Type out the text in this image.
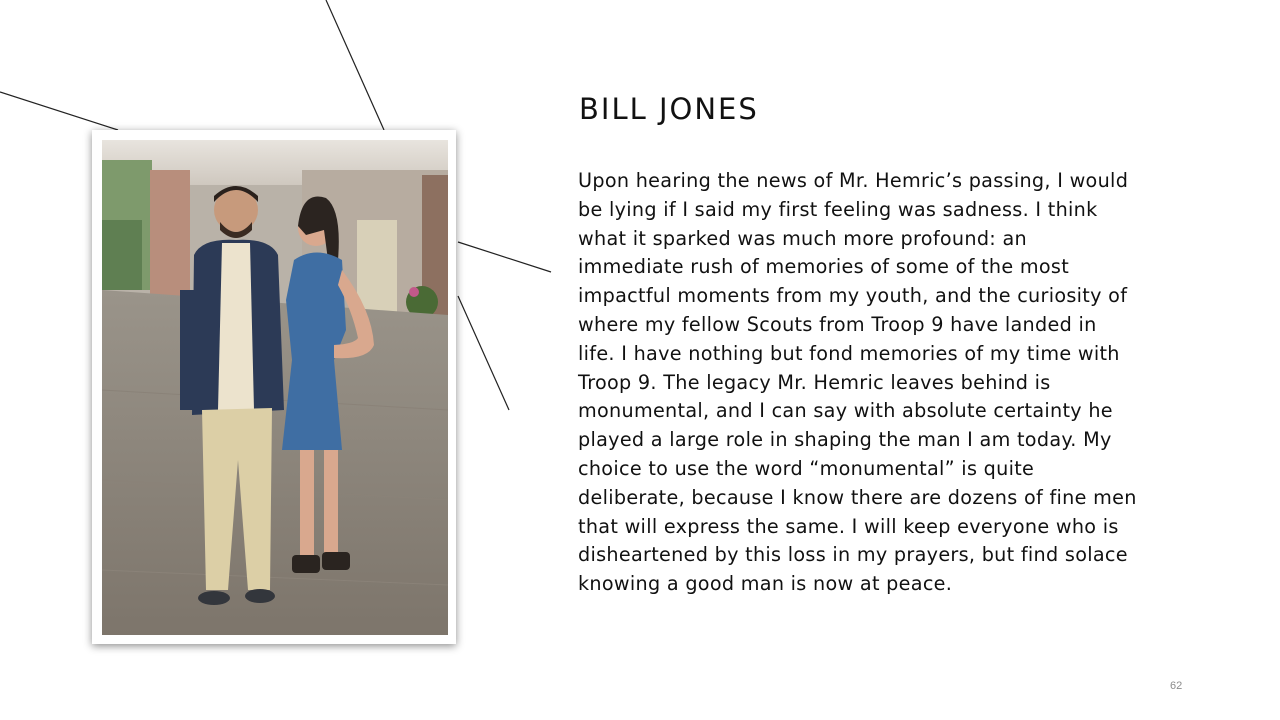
BILL JONES

Upon hearing the news of Mr. Hemric’s passing, I would be lying if I said my first feeling was sadness. I think what it sparked was much more profound: an immediate rush of memories of some of the most impactful moments from my youth, and the curiosity of where my fellow Scouts from Troop 9 have landed in life. I have nothing but fond memories of my time with Troop 9. The legacy Mr. Hemric leaves behind is monumental, and I can say with absolute certainty he played a large role in shaping the man I am today. My choice to use the word “monumental” is quite deliberate, because I know there are dozens of fine men that will express the same. I will keep everyone who is disheartened by this loss in my prayers, but find solace knowing a good man is now at peace.

62
